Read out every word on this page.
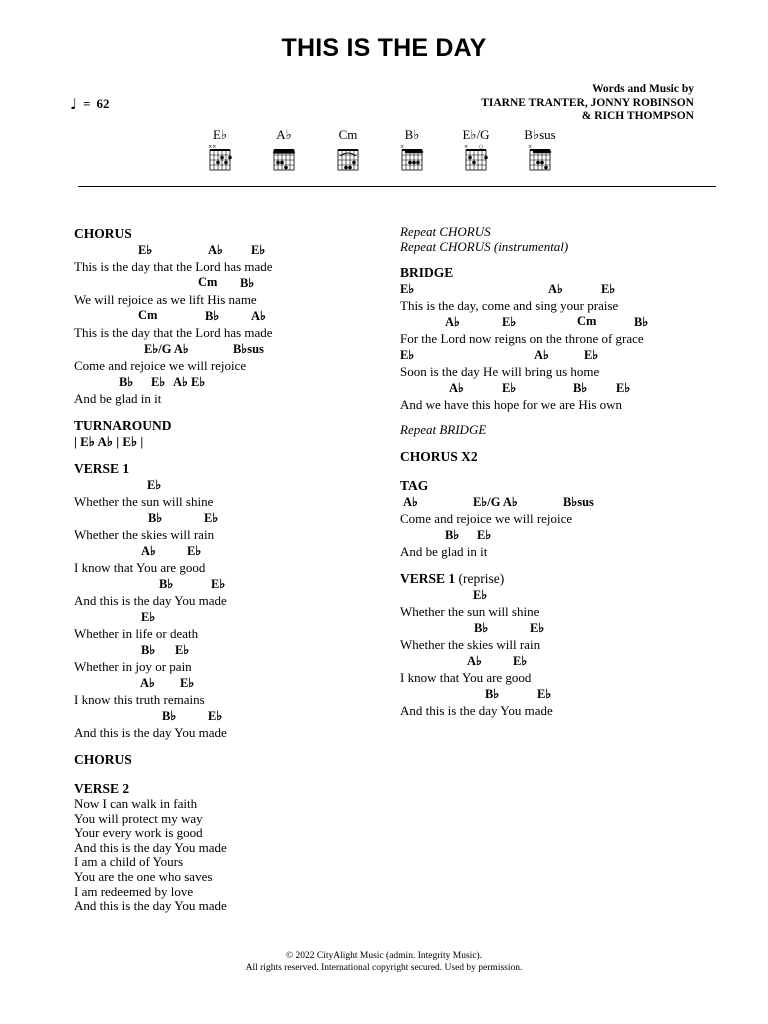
THIS IS THE DAY
♩ = 62
Words and Music by
TIARNE TRANTER, JONNY ROBINSON
& RICH THOMPSON
E♭
××
A♭	Cm	B♭
×
E♭/G
× ○
B♭sus
×
CHORUS
E♭	A♭ E♭
This is the day that the Lord has made
Cm B♭
We will rejoice as we lift His name
Cm	B♭	A♭
This is the day that the Lord has made
E♭/G A♭	B♭sus
Come and rejoice we will rejoice
B♭ E♭ A♭ E♭
And be glad in it
TURNAROUND
| E♭ A♭ | E♭ |
VERSE 1
E♭
Whether the sun will shine
B♭	E♭
Whether the skies will rain
A♭ E♭
I know that You are good
B♭	E♭
And this is the day You made
E♭
Whether in life or death
B♭ E♭
Whether in joy or pain
A♭ E♭
I know this truth remains
B♭	E♭
And this is the day You made
CHORUS
VERSE 2
Now I can walk in faith
You will protect my way
Your every work is good
And this is the day You made
I am a child of Yours
You are the one who saves
I am redeemed by love
And this is the day You made
Repeat CHORUS
Repeat CHORUS (instrumental)
BRIDGE
E♭	A♭	E♭
This is the day, come and sing your praise
A♭	E♭	Cm	B♭
For the Lord now reigns on the throne of grace
E♭	A♭	E♭
Soon is the day He will bring us home
A♭	E♭	B♭ E♭
And we have this hope for we are His own
Repeat BRIDGE
CHORUS X2
TAG
A♭	E♭/G A♭	B♭sus
Come and rejoice we will rejoice
B♭ E♭
And be glad in it
VERSE 1 (reprise)
E♭
Whether the sun will shine
B♭	E♭
Whether the skies will rain
A♭ E♭
I know that You are good
B♭	E♭
And this is the day You made
© 2022 CityAlight Music (admin. Integrity Music).
All rights reserved. International copyright secured. Used by permission.
